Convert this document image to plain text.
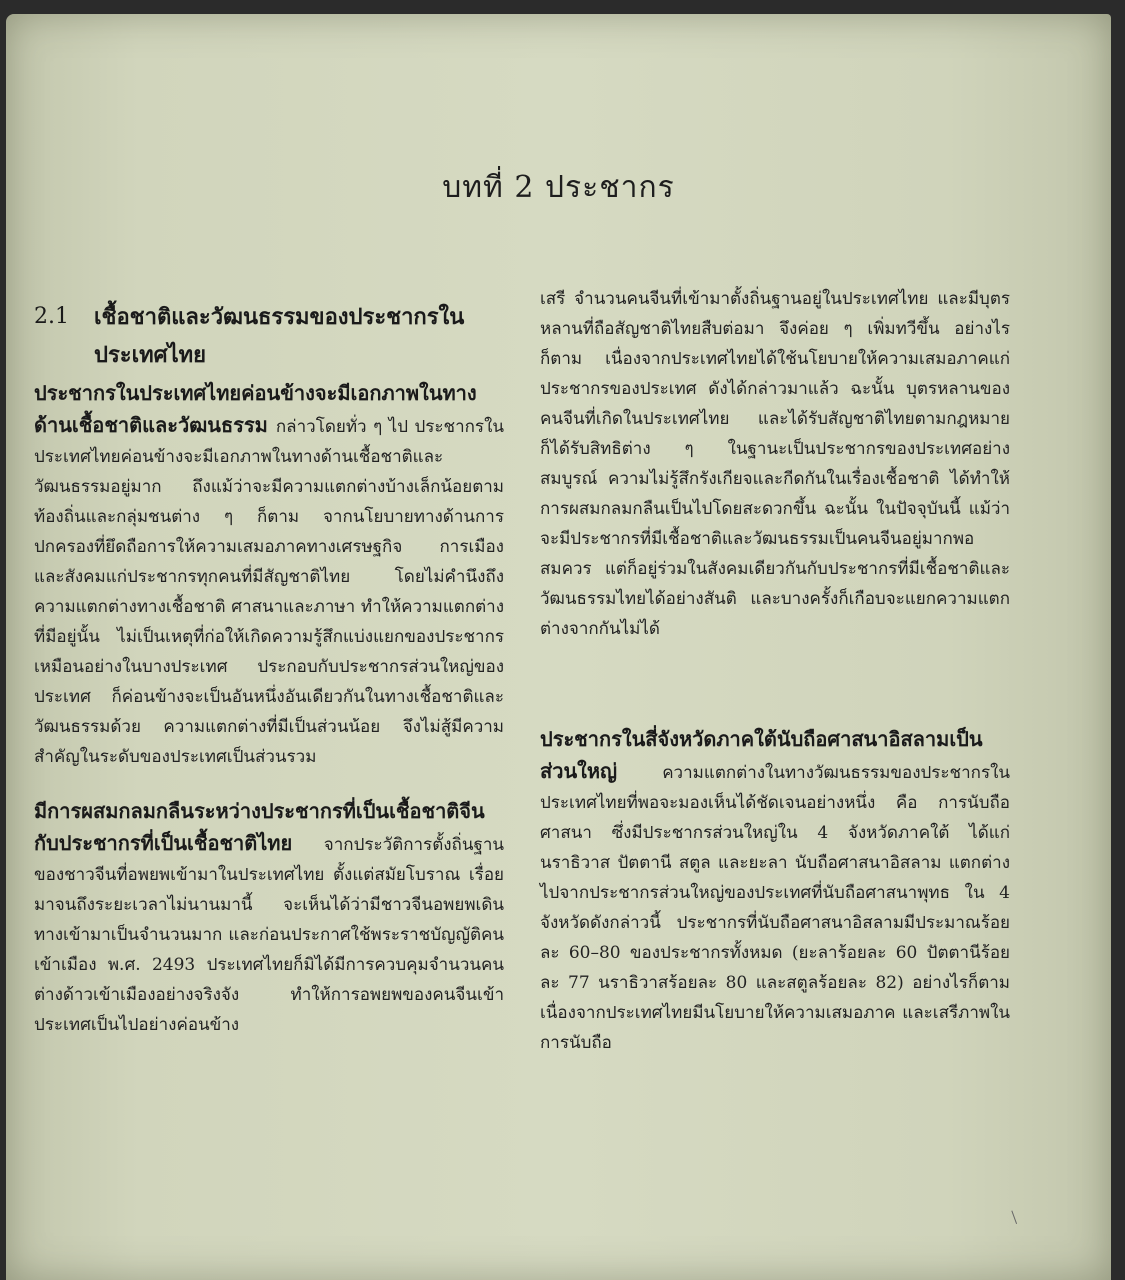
บทที่ 2 ประชากร
2.1	เชื้อชาติและวัฒนธรรมของประชากรในประเทศไทย

ประชากรในประเทศไทยค่อนข้างจะมีเอกภาพในทางด้านเชื้อชาติและวัฒนธรรม กล่าวโดยทั่ว ๆ ไป ประชากรในประเทศไทยค่อนข้างจะมีเอกภาพในทางด้านเชื้อชาติและวัฒนธรรมอยู่มาก ถึงแม้ว่าจะมีความแตกต่างบ้างเล็กน้อยตามท้องถิ่นและกลุ่มชนต่าง ๆ ก็ตาม จากนโยบายทางด้านการปกครองที่ยึดถือการให้ความเสมอภาคทางเศรษฐกิจ การเมือง และสังคมแก่ประชากรทุกคนที่มีสัญชาติไทย โดยไม่คำนึงถึงความแตกต่างทางเชื้อชาติ ศาสนาและภาษา ทำให้ความแตกต่างที่มีอยู่นั้น ไม่เป็นเหตุที่ก่อให้เกิดความรู้สึกแบ่งแยกของประชากรเหมือนอย่างในบางประเทศ ประกอบกับประชากรส่วนใหญ่ของประเทศ ก็ค่อนข้างจะเป็นอันหนึ่งอันเดียวกันในทางเชื้อชาติและวัฒนธรรมด้วย ความแตกต่างที่มีเป็นส่วนน้อย จึงไม่สู้มีความสำคัญในระดับของประเทศเป็นส่วนรวม

มีการผสมกลมกลืนระหว่างประชากรที่เป็นเชื้อชาติจีน กับประชากรที่เป็นเชื้อชาติไทย จากประวัติการตั้งถิ่นฐานของชาวจีนที่อพยพเข้ามาในประเทศไทย ตั้งแต่สมัยโบราณ เรื่อยมาจนถึงระยะเวลาไม่นานมานี้ จะเห็นได้ว่ามีชาวจีนอพยพเดินทางเข้ามาเป็นจำนวนมาก และก่อนประกาศใช้พระราชบัญญัติคนเข้าเมือง พ.ศ. 2493 ประเทศไทยก็มิได้มีการควบคุมจำนวนคนต่างด้าวเข้าเมืองอย่างจริงจัง ทำให้การอพยพของคนจีนเข้าประเทศเป็นไปอย่างค่อนข้าง

เสรี จำนวนคนจีนที่เข้ามาตั้งถิ่นฐานอยู่ในประเทศไทย และมีบุตรหลานที่ถือสัญชาติไทยสืบต่อมา จึงค่อย ๆ เพิ่มทวีขึ้น อย่างไรก็ตาม เนื่องจากประเทศไทยได้ใช้นโยบายให้ความเสมอภาคแก่ประชากรของประเทศ ดังได้กล่าวมาแล้ว ฉะนั้น บุตรหลานของคนจีนที่เกิดในประเทศไทย และได้รับสัญชาติไทยตามกฎหมาย ก็ได้รับสิทธิต่าง ๆ ในฐานะเป็นประชากรของประเทศอย่างสมบูรณ์ ความไม่รู้สึกรังเกียจและกีดกันในเรื่องเชื้อชาติ ได้ทำให้การผสมกลมกลืนเป็นไปโดยสะดวกขึ้น ฉะนั้น ในปัจจุบันนี้ แม้ว่าจะมีประชากรที่มีเชื้อชาติและวัฒนธรรมเป็นคนจีนอยู่มากพอสมควร แต่ก็อยู่ร่วมในสังคมเดียวกันกับประชากรที่มีเชื้อชาติและวัฒนธรรมไทยได้อย่างสันติ และบางครั้งก็เกือบจะแยกความแตกต่างจากกันไม่ได้

ประชากรในสี่จังหวัดภาคใต้นับถือศาสนาอิสลามเป็นส่วนใหญ่ ความแตกต่างในทางวัฒนธรรมของประชากรในประเทศไทยที่พอจะมองเห็นได้ชัดเจนอย่างหนึ่ง คือ การนับถือศาสนา ซึ่งมีประชากรส่วนใหญ่ใน 4 จังหวัดภาคใต้ ได้แก่ นราธิวาส ปัตตานี สตูล และยะลา นับถือศาสนาอิสลาม แตกต่างไปจากประชากรส่วนใหญ่ของประเทศที่นับถือศาสนาพุทธ ใน 4 จังหวัดดังกล่าวนี้ ประชากรที่นับถือศาสนาอิสลามมีประมาณร้อยละ 60–80 ของประชากรทั้งหมด (ยะลาร้อยละ 60 ปัตตานีร้อยละ 77 นราธิวาสร้อยละ 80 และสตูลร้อยละ 82) อย่างไรก็ตาม เนื่องจากประเทศไทยมีนโยบายให้ความเสมอภาค และเสรีภาพในการนับถือ
